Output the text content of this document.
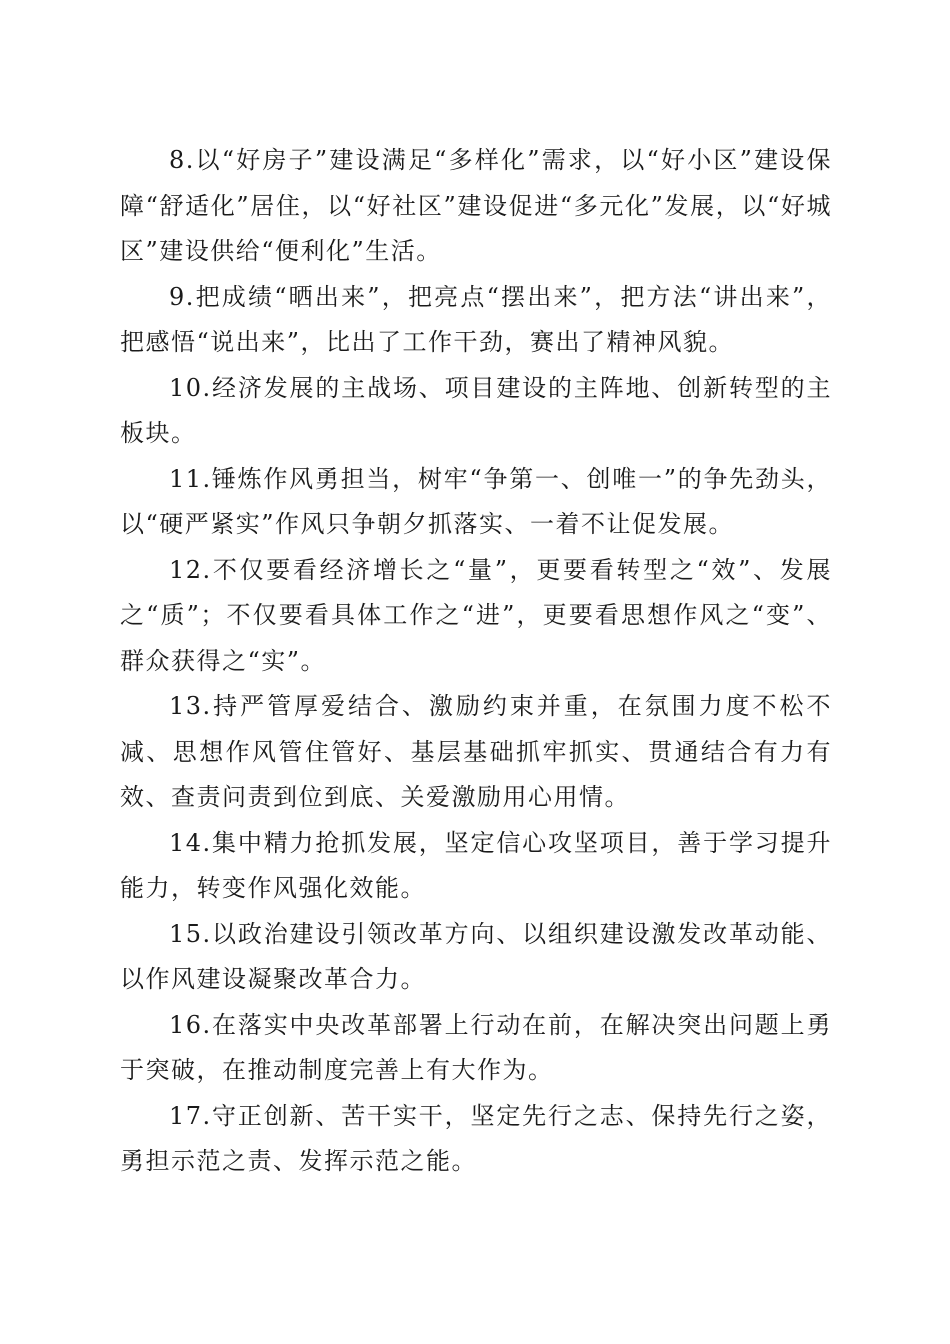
8.以“好房子”建设满足“多样化”需求，以“好小区”建设保障“舒适化”居住，以“好社区”建设促进“多元化”发展，以“好城区”建设供给“便利化”生活。

9.把成绩“晒出来”，把亮点“摆出来”，把方法“讲出来”，把感悟“说出来”，比出了工作干劲，赛出了精神风貌。

10.经济发展的主战场、项目建设的主阵地、创新转型的主板块。

11.锤炼作风勇担当，树牢“争第一、创唯一”的争先劲头，以“硬严紧实”作风只争朝夕抓落实、一着不让促发展。

12.不仅要看经济增长之“量”，更要看转型之“效”、发展之“质”；不仅要看具体工作之“进”，更要看思想作风之“变”、群众获得之“实”。

13.持严管厚爱结合、激励约束并重，在氛围力度不松不减、思想作风管住管好、基层基础抓牢抓实、贯通结合有力有效、查责问责到位到底、关爱激励用心用情。

14.集中精力抢抓发展，坚定信心攻坚项目，善于学习提升能力，转变作风强化效能。

15.以政治建设引领改革方向、以组织建设激发改革动能、以作风建设凝聚改革合力。

16.在落实中央改革部署上行动在前，在解决突出问题上勇于突破，在推动制度完善上有大作为。

17.守正创新、苦干实干，坚定先行之志、保持先行之姿，勇担示范之责、发挥示范之能。
